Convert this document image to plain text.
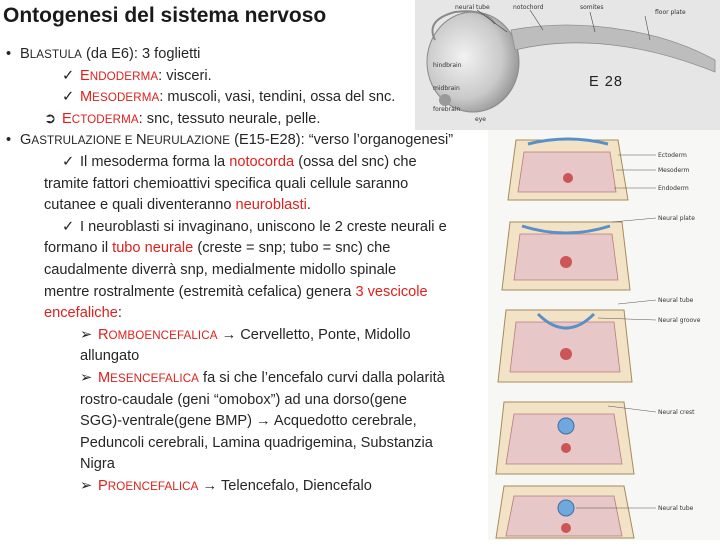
Ontogenesi del sistema nervoso
• BLASTULA (da E6): 3 foglietti
✓ ENDODERMA: visceri.
✓ MESODERMA: muscoli, vasi, tendini, ossa del snc.
➲ ECTODERMA: snc, tessuto neurale, pelle.
• GASTRULAZIONE E NEURULAZIONE (E15-E28): “verso l’organogenesi”
✓ Il mesoderma forma la notocorda (ossa del snc) che
tramite fattori chemioattivi specifica quali cellule saranno
cutanee e quali diventeranno neuroblasti.
✓ I neuroblasti si invaginano, uniscono le 2 creste neurali e
formano il tubo neurale (creste = snp; tubo = snc) che
caudalmente diverrà snp, medialmente midollo spinale
mentre rostralmente (estremità cefalica) genera 3 vescicole
encefaliche:
➢ ROMBOENCEFALICA → Cervelletto, Ponte, Midollo
allungato
➢ MESENCEFALICA fa si che l’encefalo curvi dalla polarità
rostro-caudale (geni “omobox”) ad una dorso(gene
SGG)-ventrale(gene BMP) → Acquedotto cerebrale,
Peduncoli cerebrali, Lamina quadrigemina, Substanzia
Nigra
➢ PROENCEFALICA → Telencefalo, Diencefalo
neural tube	notochord	somites
floor plate
hindbrain
midbrain
forebrain
eye
E 28
Ectoderm
Mesoderm
Endoderm
Neural plate
Neural tube
Neural groove
Neural crest
Neural tube
